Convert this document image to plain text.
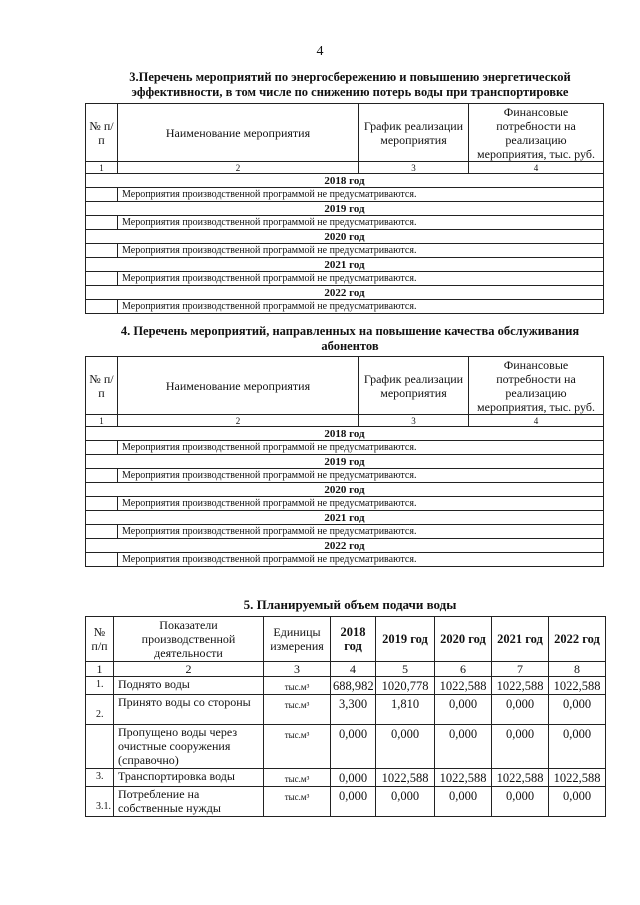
4
3.Перечень мероприятий по энергосбережению и повышению энергетической
эффективности, в том числе по снижению потерь воды при транспортировке
№ п/п	Наименование мероприятия	График реализации мероприятия	Финансовые потребности на реализацию мероприятия, тыс. руб.
1	2	3	4
2018 год			
	Мероприятия производственной программой не предусматриваются.		
2019 год			
	Мероприятия производственной программой не предусматриваются.		
2020 год			
	Мероприятия производственной программой не предусматриваются.		
2021 год			
	Мероприятия производственной программой не предусматриваются.		
2022 год			
	Мероприятия производственной программой не предусматриваются.		
4. Перечень мероприятий, направленных на повышение качества обслуживания
абонентов
№ п/п	Наименование мероприятия	График реализации мероприятия	Финансовые потребности на реализацию мероприятия, тыс. руб.
1	2	3	4
2018 год			
	Мероприятия производственной программой не предусматриваются.		
2019 год			
	Мероприятия производственной программой не предусматриваются.		
2020 год			
	Мероприятия производственной программой не предусматриваются.		
2021 год			
	Мероприятия производственной программой не предусматриваются.		
2022 год			
	Мероприятия производственной программой не предусматриваются.		
5. Планируемый объем подачи воды
№ п/п	Показатели производственной деятельности	Единицы измерения	2018 год	2019 год	2020 год	2021 год	2022 год
1	2	3	4	5	6	7	8
1.	Поднято воды	тыс.м³	688,982	1020,778	1022,588	1022,588	1022,588
2.	Принято воды со стороны	тыс.м³	3,300	1,810	0,000	0,000	0,000
	Пропущено воды через очистные сооружения (справочно)	тыс.м³	0,000	0,000	0,000	0,000	0,000
3.	Транспортировка воды	тыс.м³	0,000	1022,588	1022,588	1022,588	1022,588
3.1.	Потребление на собственные нужды	тыс.м³	0,000	0,000	0,000	0,000	0,000
